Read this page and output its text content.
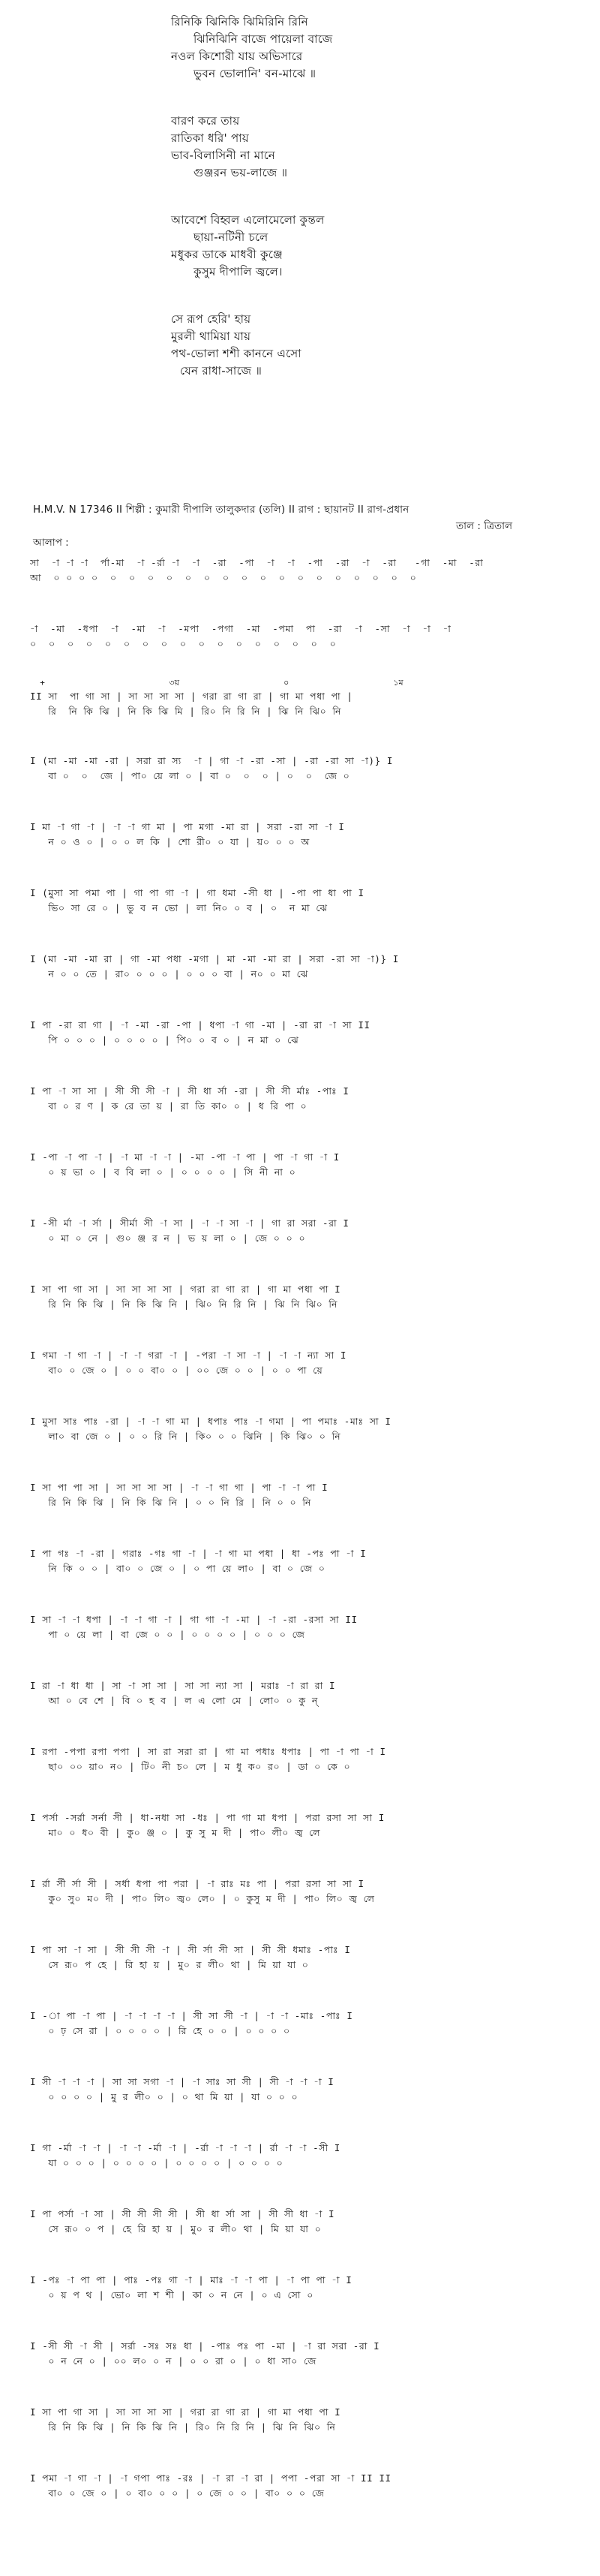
রিনিকি ঝিনিকি ঝিমিরিনি রিনি
ঝিনিঝিনি বাজে পায়েলা বাজে
নওল কিশোরী যায় অভিসারে
ভুবন ভোলানি' বন-মাঝে ॥
বারণ করে তায়
রাতিকা ধরি' পায়
ভাব-বিলাসিনী না মানে
গুঞ্জরন ভয়-লাজে ॥
আবেশে বিহ্বল এলোমেলো কুন্তল
ছায়া-নটিনী চলে
মধুকর ডাকে মাধবী কুঞ্জে
কুসুম দীপালি জ্বলে।
সে রূপ হেরি' হায়
মুরলী থামিয়া যায়
পথ-ভোলা শশী কাননে এসো
যেন রাধা-সাজে ॥
H.M.V. N 17346 II শিল্পী : কুমারী দীপালি তালুকদার (তলি) II রাগ : ছায়ানট II রাগ-প্রধান
তাল : ত্রিতাল
আলাপ :
সা  -া -া -া  র্পা-মা  -া -র্রা -া  -া  -রা  -পা  -া  -া  -পা  -রা  -া  -রা   -গা  -মা  -রা
আ  ০ ০ ০ ০  ০  ০  ০  ০  ০  ০  ০  ০  ০  ০  ০  ০  ০  ০  ০  ০  ০
-া  -মা  -ধপা  -া  -মা  -া  -মপা  -পগা  -মা  -পমা  পা  -রা  -া  -সা  -া  -া  -া
০  ০  ০  ০  ০  ০  ০  ০  ০  ০  ০  ০  ০  ০  ০  ০  ০
+                         ৩য়                     ০                     ১ম
II সা  পা গা সা | সা সা সা সা | গরা রা গা রা | গা মা পধা পা |
রি  নি কি ঝি | নি কি ঝি মি | রি০ নি রি নি | ঝি নি ঝি০ নি
I (মা -মা -মা -রা | সরা রা স্য  -া | গা -া -রা -সা | -রা -রা সা -া)} I
বা ০  ০  জে | পা০ য়ে লা ০ | বা ০  ০  ০ | ০  ০  জে ০
I মা -া গা -া | -া -া গা মা | পা মগা -মা রা | সরা -রা সা -া I
ন ০ ও ০ | ০ ০ ল কি | শো রী০ ০ যা | য়০ ০ ০ অ
I (মুসা সা পমা পা | গা পা গা -া | গা ধমা -সী ধা | -পা পা ধা পা I
ভি০ সা রে ০ | ভু ব ন ভো | লা নি০ ০ ব | ০  ন মা ঝে
I (মা -মা -মা রা | গা -মা পধা -মগা | মা -মা -মা রা | সরা -রা সা -া)} I
ন ০ ০ তে | রা০ ০ ০ ০ | ০ ০ ০ বা | ন০ ০ মা ঝে
I পা -রা রা গা | -া -মা -রা -পা | ধপা -া গা -মা | -রা রা -া সা II
পি ০ ০ ০ | ০ ০ ০ ০ | পি০ ০ ব ০ | ন মা ০ ঝে
I পা -া সা সা | সী সী সী -া | সী ধা র্সা -রা | সী সী র্মাঃ -পাঃ I
বা ০ র ণ | ক রে তা য় | রা তি কা০ ০ | ধ রি পা ০
I -পা -া পা -া | -া মা -া -া | -মা -পা -া পা | পা -া গা -া I
০ য় ভা ০ | ব বি লা ০ | ০ ০ ০ ০ | সি নী না ০
I -সী র্মা -া র্সা | সীর্মা সী -া সা | -া -া সা -া | গা রা সরা -রা I
০ মা ০ নে | গু০ ঞ্জ র ন | ভ য় লা ০ | জে ০ ০ ০
I সা পা গা সা | সা সা সা সা | গরা রা গা রা | গা মা পধা পা I
রি নি কি ঝি | নি কি ঝি নি | ঝি০ নি রি নি | ঝি নি ঝি০ নি
I গমা -া গা -া | -া -া গরা -া | -পরা -া সা -া | -া -া ন্যা সা I
বা০ ০ জে ০ | ০ ০ বা০ ০ | ০০ জে ০ ০ | ০ ০ পা য়ে
I মুসা সাঃ পাঃ -রা | -া -া গা মা | ধপাঃ পাঃ -া গমা | পা পমাঃ -মাঃ সা I
লা০ বা জে ০ | ০ ০ রি নি | কি০ ০ ০ ঝিনি | কি ঝি০ ০ নি
I সা পা পা সা | সা সা সা সা | -া -া গা গা | পা -া -া পা I
রি নি কি ঝি | নি কি ঝি নি | ০ ০ নি রি | নি ০ ০ নি
I পা গঃ -া -রা | গরাঃ -গঃ গা -া | -া গা মা পধা | ধা -পঃ পা -া I
নি কি ০ ০ | বা০ ০ জে ০ | ০ পা য়ে লা০ | বা ০ জে ০
I সা -া -া ধপা | -া -া গা -া | গা গা -া -মা | -া -রা -রসা সা II
পা ০ য়ে লা | বা জে ০ ০ | ০ ০ ০ ০ | ০ ০ ০ জে
I রা -া ধা ধা | সা -া সা সা | সা সা ন্যা সা | মরাঃ -া রা রা I
আ ০ বে শে | বি ০ হ ব | ল এ লো মে | লো০ ০ কু ন্
I রপা -পপা রপা পপা | সা রা সরা রা | গা মা পধাঃ ধপাঃ | পা -া পা -া I
ছা০ ০০ য়া০ ন০ | টি০ নী চ০ লে | ম ধু ক০ র০ | ডা ০ কে ০
I পর্সা -সর্রা সর্না সী | ধা-নধা সা -ধঃ | পা গা মা ধপা | পরা রসা সা সা I
মা০ ০ ধ০ বী | কু০ ঞ্জ ০ | কু সু ম দী | পা০ লী০ জ্ব লে
I র্রা র্সী র্সা সী | সর্ধা ধপা পা পরা | -া রাঃ মঃ পা | পরা রসা সা সা I
কু০ সু০ ম০ দী | পা০ লি০ জ্ব০ লে০ | ০ কুসু ম দী | পা০ লি০ জ্ব লে
I পা সা -া সা | সী সী সী -া | সী র্সা সী সা | সী সী ধমাঃ -পাঃ I
সে রূ০ প হে | রি হা য় | মু০ র লী০ থা | মি য়া যা ০
I -া পা -া পা | -া -া -া -া | সী সা সী -া | -া -া -মাঃ -পাঃ I
০ ঢ় সে রা | ০ ০ ০ ০ | রি হে ০ ০ | ০ ০ ০ ০
I সী -া -া -া | সা সা সগা -া | -া সাঃ সা সী | সী -া -া -া I
০ ০ ০ ০ | মু র লী০ ০ | ০ থা মি য়া | যা ০ ০ ০
I গা -র্মা -া -া | -া -া -র্মা -া | -র্রা -া -া -া | র্রা -া -া -সী I
যা ০ ০ ০ | ০ ০ ০ ০ | ০ ০ ০ ০ | ০ ০ ০ ০
I পা পর্সা -া সা | সী সী সী সী | সী ধা র্সা সা | সী সী ধা -া I
সে রূ০ ০ প | হে রি হা য় | মু০ র লী০ থা | মি য়া যা ০
I -পঃ -া পা পা | পাঃ -পঃ গা -া | মাঃ -া -া পা | -া পা পা -া I
০ য় প থ | ভো০ লা শ শী | কা ০ ন নে | ০ এ সো ০
I -সী সী -া সী | সর্রা -সঃ সঃ ধা | -পাঃ পঃ পা -মা | -া রা সরা -রা I
০ ন নে ০ | ০০ ল০ ০ ন | ০ ০ রা ০ | ০ ধা সা০ জে
I সা পা গা সা | সা সা সা সা | গরা রা গা রা | গা মা পধা পা I
রি নি কি ঝি | নি কি ঝি নি | রি০ নি রি নি | ঝি নি ঝি০ নি
I পমা -া গা -া | -া গপা পাঃ -রঃ | -া রা -া রা | পপা -পরা সা -া II II
বা০ ০ জে ০ | ০ বা০ ০ ০ | ০ জে ০ ০ | বা০ ০ ০ জে
